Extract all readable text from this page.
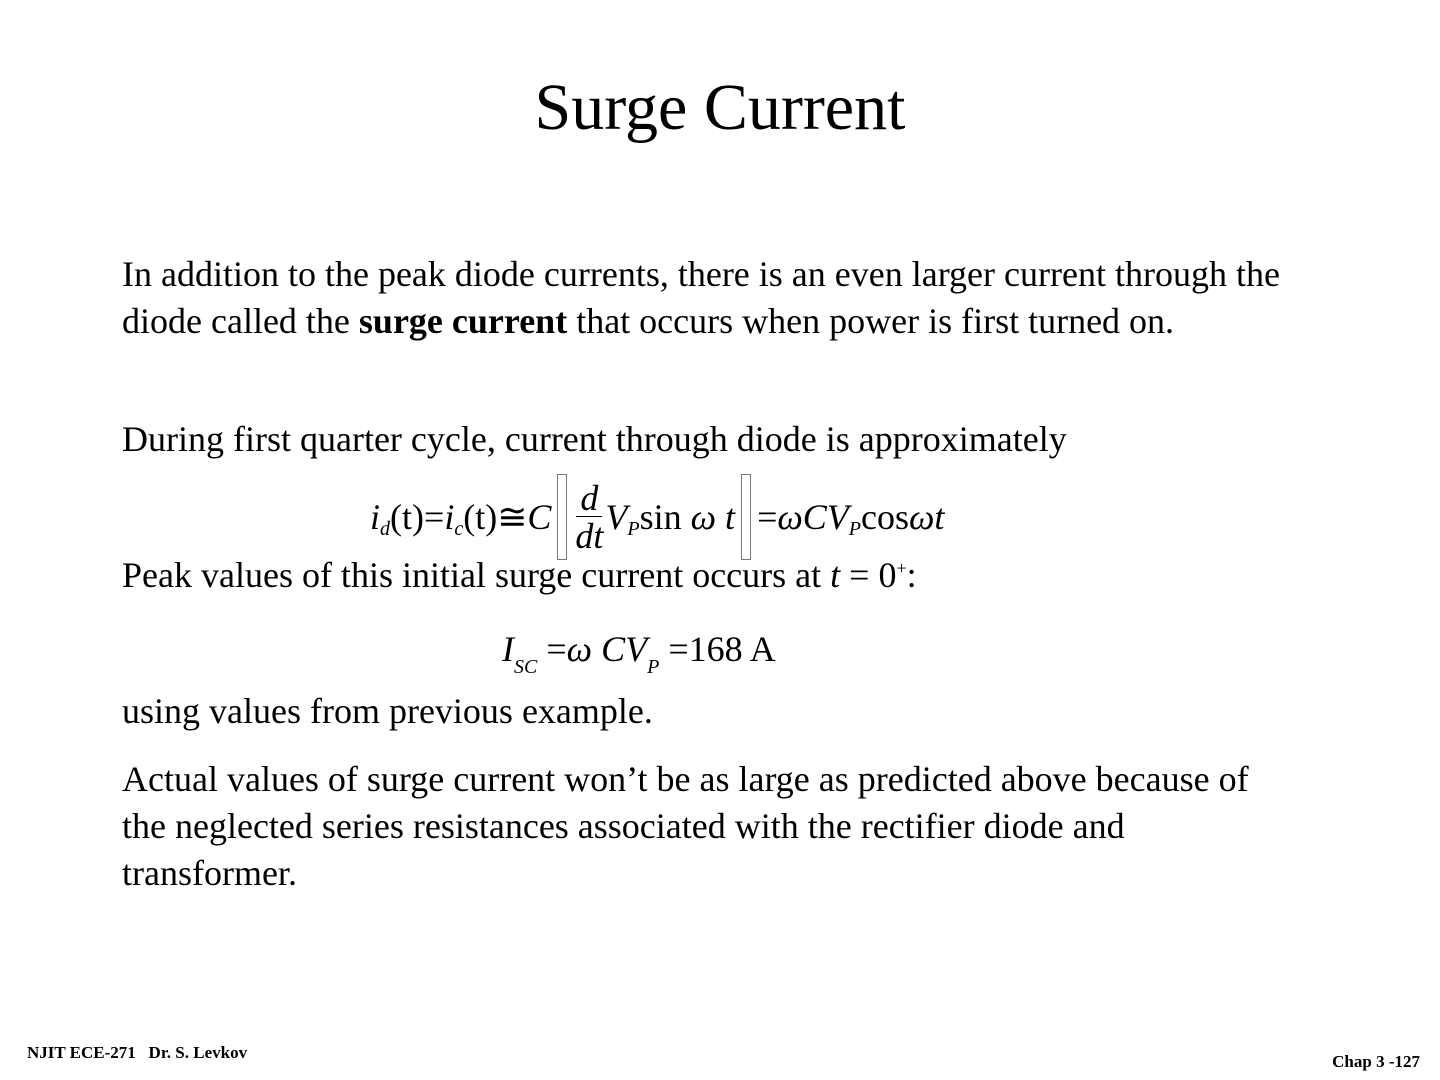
Surge Current

In addition to the peak diode currents, there is an even larger current through the diode called the surge current that occurs when power is first turned on.

During first quarter cycle, current through diode is approximately

i d (t) = i c (t) ≅ C $\frac{d}{dt}$ V P sin
ω t = ωCV P cos ωt

Peak values of this initial surge current occurs at t = 0+:

$I_{SC} =\omega$ $CV_P =168$ A

using values from previous example.

Actual values of surge current won’t be as large as predicted above because of the neglected series resistances associated with the rectifier diode and transformer.

NJIT ECE-271   Dr. S. Levkov	Chap 3 -127
